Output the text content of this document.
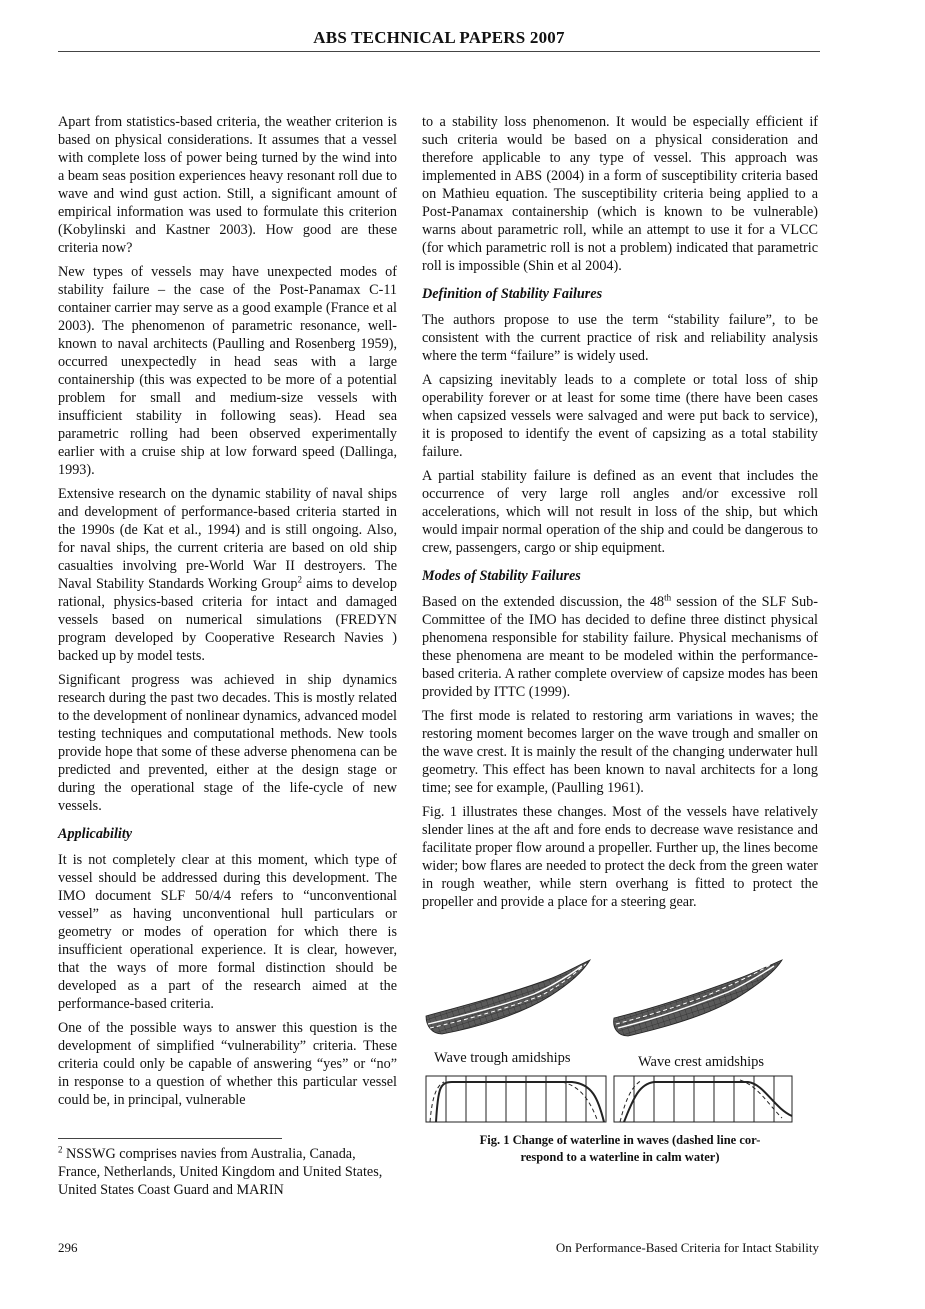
ABS TECHNICAL PAPERS 2007

Apart from statistics-based criteria, the weather criterion is based on physical considerations. It assumes that a vessel with complete loss of power being turned by the wind into a beam seas position experiences heavy resonant roll due to wave and wind gust action. Still, a significant amount of empirical information was used to formulate this criterion (Kobylinski and Kastner 2003). How good are these criteria now?

New types of vessels may have unexpected modes of stability failure – the case of the Post-Panamax C-11 container carrier may serve as a good example (France et al 2003). The phenomenon of parametric resonance, well-known to naval architects (Paulling and Rosenberg 1959), occurred unexpectedly in head seas with a large containership (this was expected to be more of a potential problem for small and medium-size vessels with insufficient stability in following seas). Head sea parametric rolling had been observed experimentally earlier with a cruise ship at low forward speed (Dallinga, 1993).

Extensive research on the dynamic stability of naval ships and development of performance-based criteria started in the 1990s (de Kat et al., 1994) and is still ongoing. Also, for naval ships, the current criteria are based on old ship casualties involving pre-World War II destroyers. The Naval Stability Standards Working Group$^2$ aims to develop rational, physics-based criteria for intact and damaged vessels based on numerical simulations (FREDYN program developed by Cooperative Research Navies ) backed up by model tests.

Significant progress was achieved in ship dynamics research during the past two decades. This is mostly related to the development of nonlinear dynamics, advanced model testing techniques and computational methods. New tools provide hope that some of these adverse phenomena can be predicted and prevented, either at the design stage or during the operational stage of the life-cycle of new vessels.

Applicability

It is not completely clear at this moment, which type of vessel should be addressed during this development. The IMO document SLF 50/4/4 refers to “unconventional vessel” as having unconventional hull particulars or geometry or modes of operation for which there is insufficient operational experience. It is clear, however, that the ways of more formal distinction should be developed as a part of the research aimed at the performance-based criteria.

One of the possible ways to answer this question is the development of simplified “vulnerability” criteria. These criteria could only be capable of answering “yes” or “no” in response to a question of whether this particular vessel could be, in principal, vulnerable

to a stability loss phenomenon. It would be especially efficient if such criteria would be based on a physical consideration and therefore applicable to any type of vessel. This approach was implemented in ABS (2004) in a form of susceptibility criteria based on Mathieu equation. The susceptibility criteria being applied to a Post-Panamax containership (which is known to be vulnerable) warns about parametric roll, while an attempt to use it for a VLCC (for which parametric roll is not a problem) indicated that parametric roll is impossible (Shin et al 2004).

Definition of Stability Failures

The authors propose to use the term “stability failure”, to be consistent with the current practice of risk and reliability analysis where the term “failure” is widely used.

A capsizing inevitably leads to a complete or total loss of ship operability forever or at least for some time (there have been cases when capsized vessels were salvaged and were put back to service), it is proposed to identify the event of capsizing as a total stability failure.

A partial stability failure is defined as an event that includes the occurrence of very large roll angles and/or excessive roll accelerations, which will not result in loss of the ship, but which would impair normal operation of the ship and could be dangerous to crew, passengers, cargo or ship equipment.

Modes of Stability Failures

Based on the extended discussion, the 48th session of the SLF Sub-Committee of the IMO has decided to define three distinct physical phenomena responsible for stability failure. Physical mechanisms of these phenomena are meant to be modeled within the performance-based criteria. A rather complete overview of capsize modes has been provided by ITTC (1999).

The first mode is related to restoring arm variations in waves; the restoring moment becomes larger on the wave trough and smaller on the wave crest. It is mainly the result of the changing underwater hull geometry. This effect has been known to naval architects for a long time; see for example, (Paulling 1961).

Fig. 1 illustrates these changes. Most of the vessels have relatively slender lines at the aft and fore ends to decrease wave resistance and facilitate proper flow around a propeller. Further up, the lines become wider; bow flares are needed to protect the deck from the green water in rough weather, while stern overhang is fitted to protect the propeller and provide a place for a steering gear.

Wave trough amidships	Wave crest amidships
Fig. 1 Change of waterline in waves (dashed line cor-
respond to a waterline in calm water)
$^2$ NSSWG comprises navies from Australia, Canada, France, Netherlands, United Kingdom and United States, United States Coast Guard and MARIN
296	On Performance-Based Criteria for Intact Stability
